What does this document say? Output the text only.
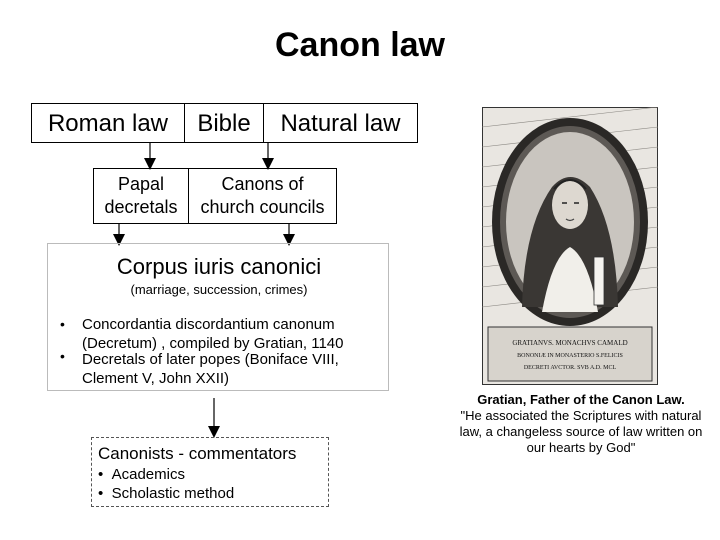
Canon law
Roman law	Bible	Natural law
Papal
decretals
Canons of
church councils
Corpus iuris canonici
(marriage, succession, crimes)
• Concordantia discordantium canonum
(Decretum) , compiled by Gratian, 1140
• Decretals of later popes (Boniface VIII,
Clement V, John XXII)
Canonists - commentators
•  Academics
•  Scholastic method
GRATIANVS. MONACHVS CAMALD
BONONIÆ IN MONASTERIO S.FELICIS
DECRETI AVCTOR. SVB A.D. MCL
Gratian, Father of the Canon Law.
"He associated the Scriptures with natural
law, a changeless source of law written on
our hearts by God"
